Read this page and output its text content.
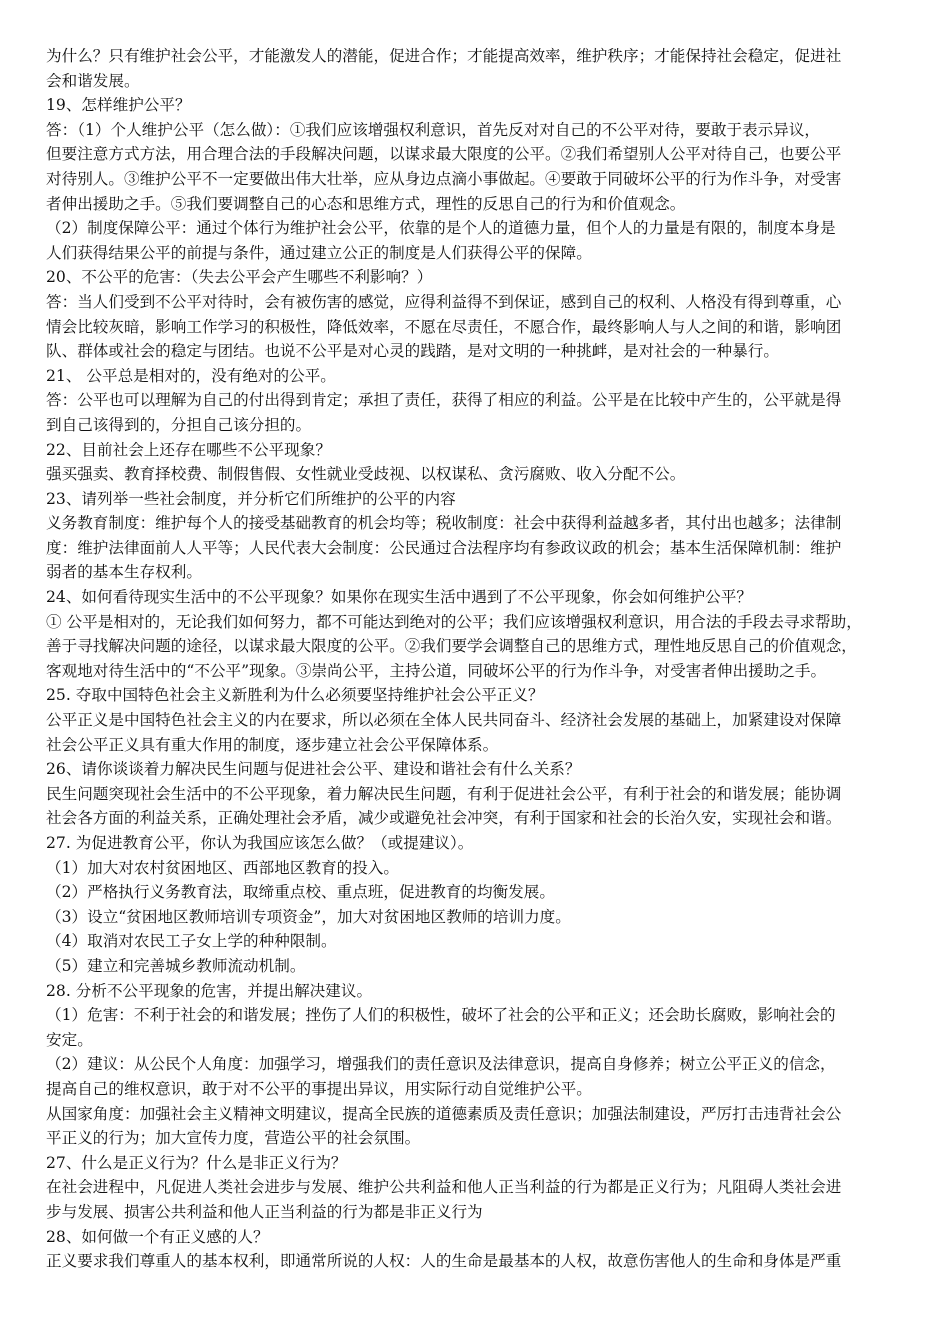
为什么？只有维护社会公平，才能激发人的潜能，促进合作；才能提高效率，维护秩序；才能保持社会稳定，促进社
会和谐发展。
19、怎样维护公平？
答：（1）个人维护公平（怎么做）：①我们应该增强权利意识，首先反对对自己的不公平对待，要敢于表示异议，
但要注意方式方法，用合理合法的手段解决问题，以谋求最大限度的公平。②我们希望别人公平对待自己，也要公平
对待别人。③维护公平不一定要做出伟大壮举，应从身边点滴小事做起。④要敢于同破坏公平的行为作斗争，对受害
者伸出援助之手。⑤我们要调整自己的心态和思维方式，理性的反思自己的行为和价值观念。
（2）制度保障公平：通过个体行为维护社会公平，依靠的是个人的道德力量，但个人的力量是有限的，制度本身是
人们获得结果公平的前提与条件，通过建立公正的制度是人们获得公平的保障。
20、不公平的危害：（失去公平会产生哪些不利影响？）
答：当人们受到不公平对待时，会有被伤害的感觉，应得利益得不到保证，感到自己的权利、人格没有得到尊重，心
情会比较灰暗，影响工作学习的积极性，降低效率，不愿在尽责任，不愿合作，最终影响人与人之间的和谐，影响团
队、群体或社会的稳定与团结。也说不公平是对心灵的践踏，是对文明的一种挑衅，是对社会的一种暴行。
21、 公平总是相对的，没有绝对的公平。
答：公平也可以理解为自己的付出得到肯定；承担了责任，获得了相应的利益。公平是在比较中产生的，公平就是得
到自己该得到的，分担自己该分担的。
22、目前社会上还存在哪些不公平现象？
强买强卖、教育择校费、制假售假、女性就业受歧视、以权谋私、贪污腐败、收入分配不公。
23、请列举一些社会制度，并分析它们所维护的公平的内容
义务教育制度：维护每个人的接受基础教育的机会均等；税收制度：社会中获得利益越多者，其付出也越多；法律制
度：维护法律面前人人平等；人民代表大会制度：公民通过合法程序均有参政议政的机会；基本生活保障机制：维护
弱者的基本生存权利。
24、如何看待现实生活中的不公平现象？如果你在现实生活中遇到了不公平现象，你会如何维护公平？
① 公平是相对的，无论我们如何努力，都不可能达到绝对的公平；我们应该增强权利意识，用合法的手段去寻求帮助，
善于寻找解决问题的途径，以谋求最大限度的公平。②我们要学会调整自己的思维方式，理性地反思自己的价值观念，
客观地对待生活中的“不公平”现象。③崇尚公平，主持公道，同破坏公平的行为作斗争，对受害者伸出援助之手。
25. 夺取中国特色社会主义新胜利为什么必须要坚持维护社会公平正义？
公平正义是中国特色社会主义的内在要求，所以必须在全体人民共同奋斗、经济社会发展的基础上，加紧建设对保障
社会公平正义具有重大作用的制度，逐步建立社会公平保障体系。
26、请你谈谈着力解决民生问题与促进社会公平、建设和谐社会有什么关系？
民生问题突现社会生活中的不公平现象，着力解决民生问题，有利于促进社会公平，有利于社会的和谐发展；能协调
社会各方面的利益关系，正确处理社会矛盾，减少或避免社会冲突，有利于国家和社会的长治久安，实现社会和谐。
27. 为促进教育公平，你认为我国应该怎么做？（或提建议）。
（1）加大对农村贫困地区、西部地区教育的投入。
（2）严格执行义务教育法，取缔重点校、重点班，促进教育的均衡发展。
（3）设立“贫困地区教师培训专项资金”，加大对贫困地区教师的培训力度。
（4）取消对农民工子女上学的种种限制。
（5）建立和完善城乡教师流动机制。
28. 分析不公平现象的危害，并提出解决建议。
（1）危害：不利于社会的和谐发展；挫伤了人们的积极性，破坏了社会的公平和正义；还会助长腐败，影响社会的
安定。
（2）建议：从公民个人角度：加强学习，增强我们的责任意识及法律意识，提高自身修养；树立公平正义的信念，
提高自己的维权意识，敢于对不公平的事提出异议，用实际行动自觉维护公平。
从国家角度：加强社会主义精神文明建议，提高全民族的道德素质及责任意识；加强法制建设，严厉打击违背社会公
平正义的行为；加大宣传力度，营造公平的社会氛围。
27、什么是正义行为？什么是非正义行为？
在社会进程中，凡促进人类社会进步与发展、维护公共利益和他人正当利益的行为都是正义行为；凡阻碍人类社会进
步与发展、损害公共利益和他人正当利益的行为都是非正义行为
28、如何做一个有正义感的人？
正义要求我们尊重人的基本权利，即通常所说的人权：人的生命是最基本的人权，故意伤害他人的生命和身体是严重
